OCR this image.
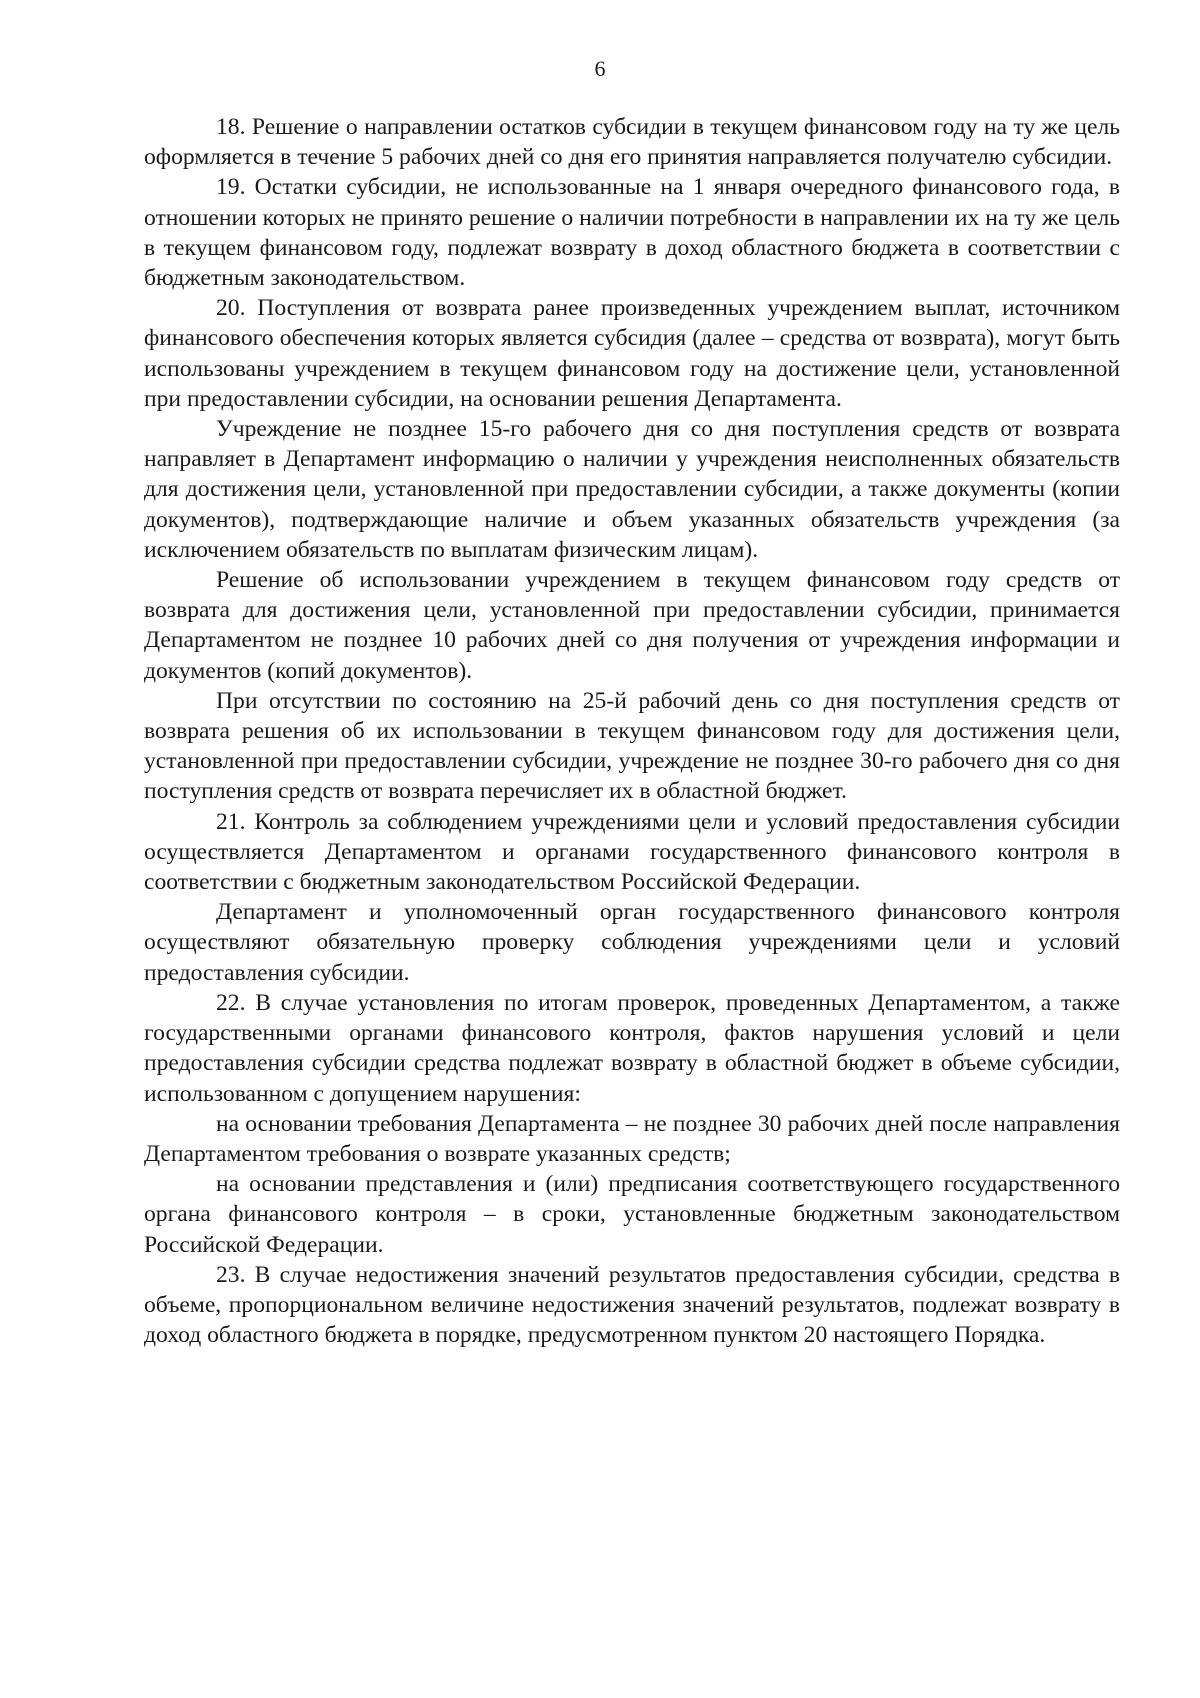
6

18. Решение о направлении остатков субсидии в текущем финансовом году на ту же цель оформляется в течение 5 рабочих дней со дня его принятия направляется получателю субсидии.

19. Остатки субсидии, не использованные на 1 января очередного финансового года, в отношении которых не принято решение о наличии потребности в направлении их на ту же цель в текущем финансовом году, подлежат возврату в доход областного бюджета в соответствии с бюджетным законодательством.

20. Поступления от возврата ранее произведенных учреждением выплат, источником финансового обеспечения которых является субсидия (далее – средства от возврата), могут быть использованы учреждением в текущем финансовом году на достижение цели, установленной при предоставлении субсидии, на основании решения Департамента.

Учреждение не позднее 15-го рабочего дня со дня поступления средств от возврата направляет в Департамент информацию о наличии у учреждения неисполненных обязательств для достижения цели, установленной при предоставлении субсидии, а также документы (копии документов), подтверждающие наличие и объем указанных обязательств учреждения (за исключением обязательств по выплатам физическим лицам).

Решение об использовании учреждением в текущем финансовом году средств от возврата для достижения цели, установленной при предоставлении субсидии, принимается Департаментом не позднее 10 рабочих дней со дня получения от учреждения информации и документов (копий документов).

При отсутствии по состоянию на 25-й рабочий день со дня поступления средств от возврата решения об их использовании в текущем финансовом году для достижения цели, установленной при предоставлении субсидии, учреждение не позднее 30-го рабочего дня со дня поступления средств от возврата перечисляет их в областной бюджет.

21. Контроль за соблюдением учреждениями цели и условий предоставления субсидии осуществляется Департаментом и органами государственного финансового контроля в соответствии с бюджетным законодательством Российской Федерации.

Департамент и уполномоченный орган государственного финансового контроля осуществляют обязательную проверку соблюдения учреждениями цели и условий предоставления субсидии.

22. В случае установления по итогам проверок, проведенных Департаментом, а также государственными органами финансового контроля, фактов нарушения условий и цели предоставления субсидии средства подлежат возврату в областной бюджет в объеме субсидии, использованном с допущением нарушения:

на основании требования Департамента – не позднее 30 рабочих дней после направления Департаментом требования о возврате указанных средств;

на основании представления и (или) предписания соответствующего государственного органа финансового контроля – в сроки, установленные бюджетным законодательством Российской Федерации.

23. В случае недостижения значений результатов предоставления субсидии, средства в объеме, пропорциональном величине недостижения значений результатов, подлежат возврату в доход областного бюджета в порядке, предусмотренном пунктом 20 настоящего Порядка.
